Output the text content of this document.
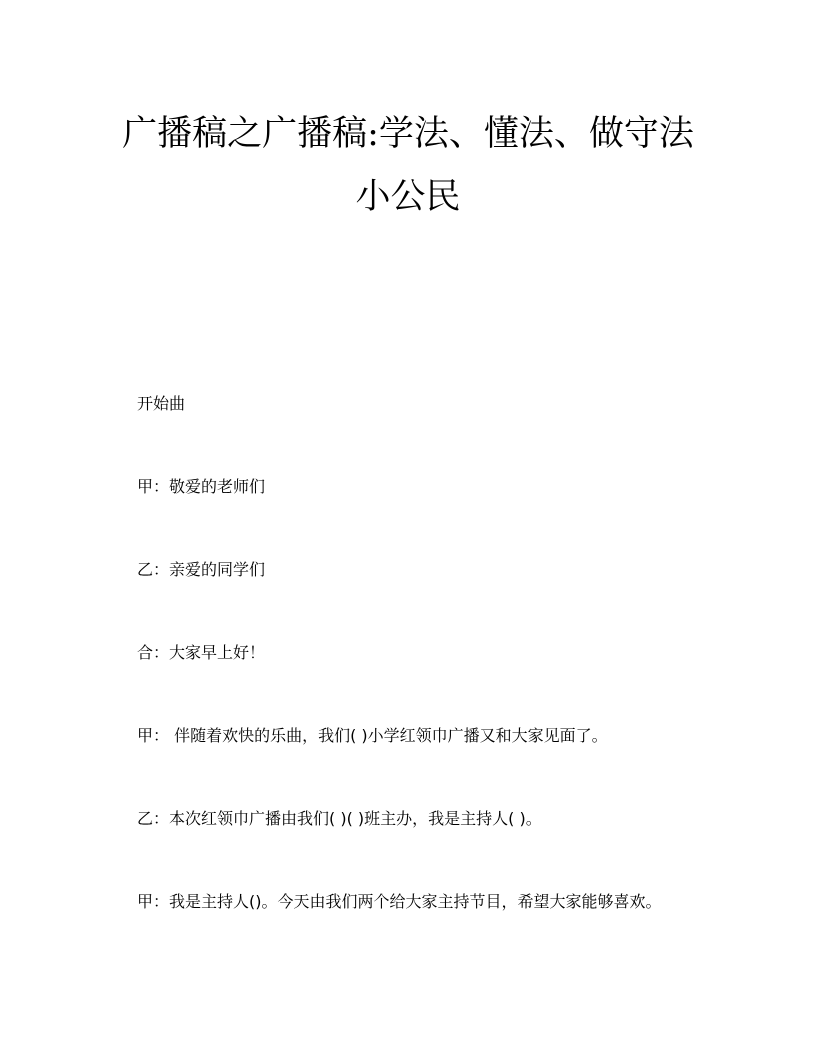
广播稿之广播稿:学法、懂法、做守法
小公民

开始曲

甲：敬爱的老师们

乙：亲爱的同学们

合：大家早上好！

甲： 伴随着欢快的乐曲，我们( )小学红领巾广播又和大家见面了。

乙：本次红领巾广播由我们( )( )班主办，我是主持人( )。

甲：我是主持人()。今天由我们两个给大家主持节目，希望大家能够喜欢。
